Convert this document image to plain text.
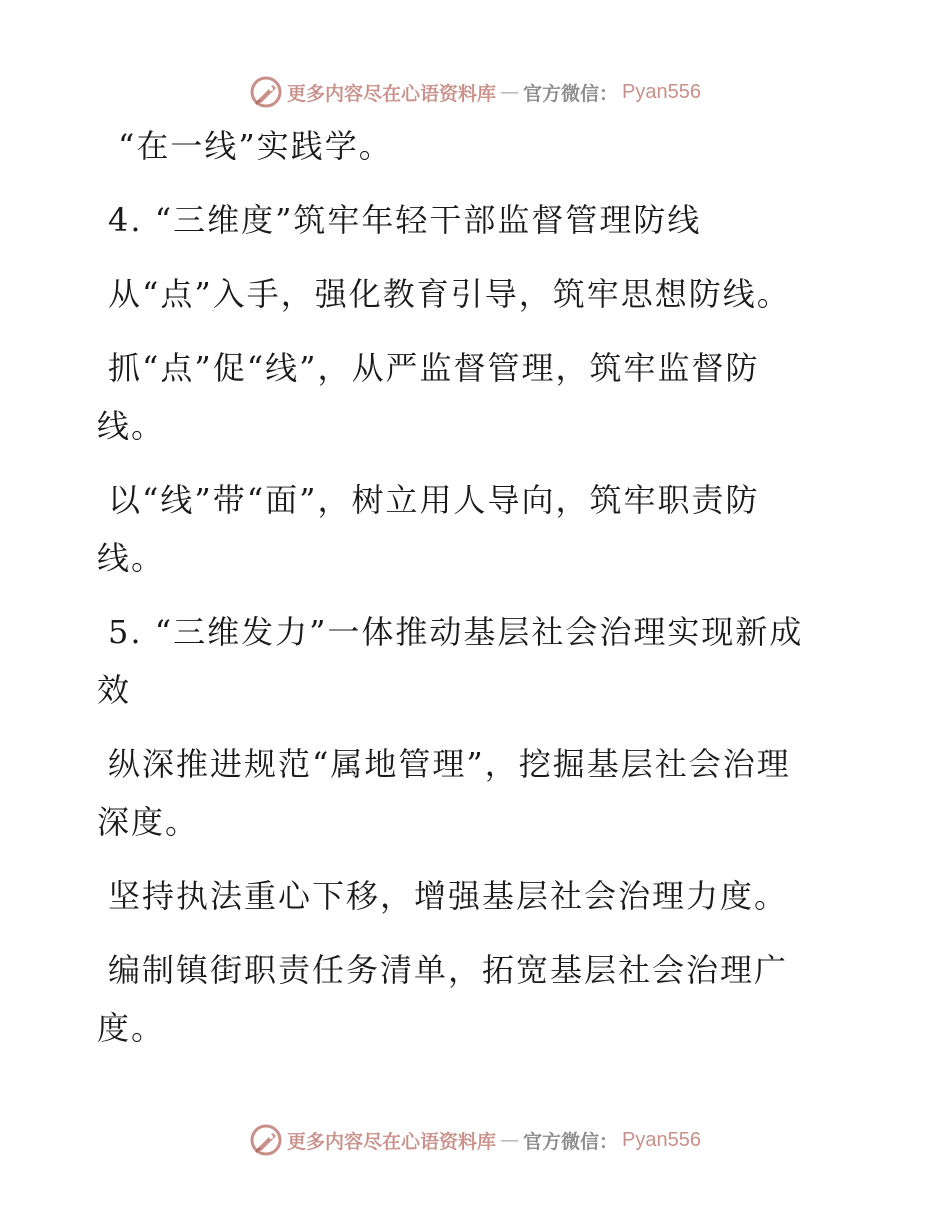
更多内容尽在心语资料库 — 官方微信： Pyan556
“在一线”实践学。
4. “三维度”筑牢年轻干部监督管理防线
从“点”入手，强化教育引导，筑牢思想防线。
抓“点”促“线”，从严监督管理，筑牢监督防
线。
以“线”带“面”，树立用人导向，筑牢职责防
线。
5. “三维发力”一体推动基层社会治理实现新成
效
纵深推进规范“属地管理”，挖掘基层社会治理
深度。
坚持执法重心下移，增强基层社会治理力度。
编制镇街职责任务清单，拓宽基层社会治理广
度。
更多内容尽在心语资料库 — 官方微信： Pyan556
